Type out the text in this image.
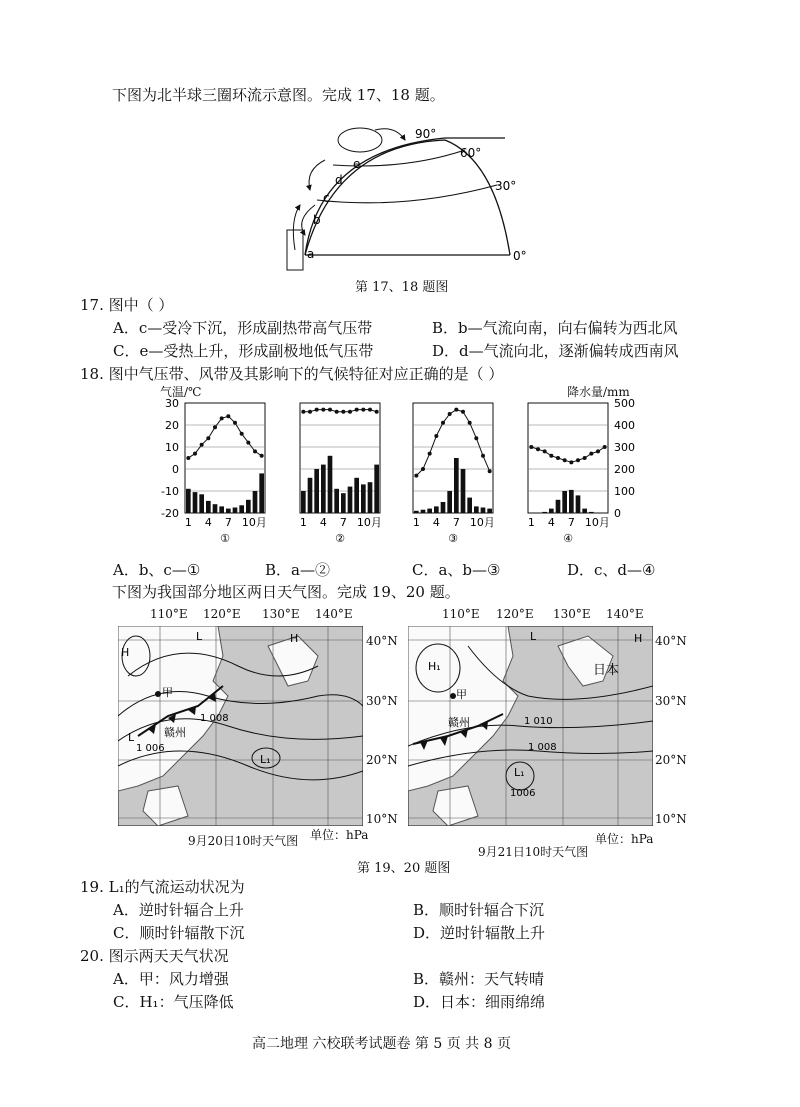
下图为北半球三圈环流示意图。完成 17、18 题。
90°
60°
30°
0°
e
d
c
b
a
第 17、18 题图
17. 图中（ ）
A．c—受冷下沉，形成副热带高气压带	B．b—气流向南，向右偏转为西北风
C．e—受热上升，形成副极地低气压带	D．d—气流向北，逐渐偏转成西南风
18. 图中气压带、风带及其影响下的气候特征对应正确的是（ ）
气温/℃	降水量/mm
30
20
10
0
-10
-20
500
400
300
200
100
0
1 4 7 10月
①
1 4 7 10月
②
1 4 7 10月
③
1 4 7 10月
④
A．b、c—①	B．a—②	C．a、b—③	D．c、d—④
下图为我国部分地区两日天气图。完成 19、20 题。
110°E 120°E 130°E 140°E	110°E 120°E 130°E 140°E
H
H
L
L
L₁
甲
赣州
1 008
1 006
H₁
H
L
L₁
甲
赣州
日本
1 010
1 008
1006
40°N
30°N
20°N
10°N
40°N
30°N
20°N
10°N
9月20日10时天气图 单位：hPa	单位：hPa
9月21日10时天气图
第 19、20 题图
19. L₁的气流运动状况为
A．逆时针辐合上升	B．顺时针辐合下沉
C．顺时针辐散下沉	D．逆时针辐散上升
20. 图示两天天气状况
A．甲：风力增强	B．赣州：天气转晴
C．H₁：气压降低	D．日本：细雨绵绵
高二地理 六校联考试题卷 第 5 页 共 8 页
